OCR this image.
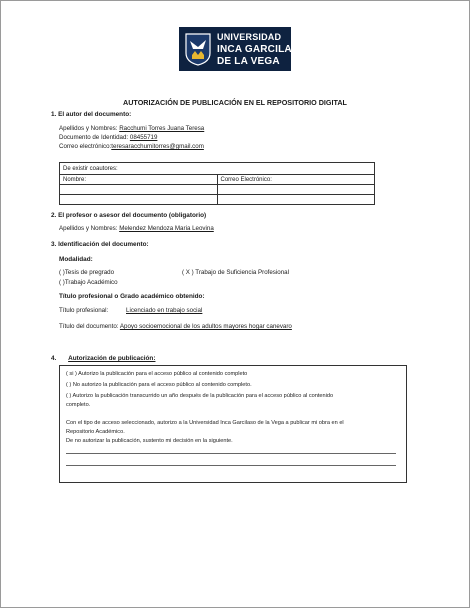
UNIVERSIDAD
INCA GARCILASO
DE LA VEGA
AUTORIZACIÓN DE PUBLICACIÓN EN EL REPOSITORIO DIGITAL
1. El autor del documento:
Apellidos y Nombres: Racchumi Torres Juana Teresa
Documento de Identidad: 08455719
Correo electrónico:teresaracchumitorres@gmail.com
De existir coautores:	
Nombre:	Correo Electrónico:

2. El profesor o asesor del documento (obligatorio)
Apellidos y Nombres: Melendez Mendoza Maria Leovina
3. Identificación del documento:
Modalidad:
( )Tesis de pregrado	( X ) Trabajo de Suficiencia Profesional
( )Trabajo Académico
Título profesional o Grado académico obtenido:
Título profesional:	Licenciado en trabajo social
Título del documento: Apoyo socioemocional de los adultos mayores hogar canevaro
4. Autorización de publicación:
( si ) Autorizo la publicación para el acceso público al contenido completo
( ) No autorizo la publicación para el acceso público al contenido completo.
( ) Autorizo la publicación transcurrido un año después de la publicación para el acceso público al contenido
completo.
Con el tipo de acceso seleccionado, autorizo a la Universidad Inca Garcilaso de la Vega a publicar mi obra en el
Repositorio Académico.
De no autorizar la publicación, sustento mi decisión en la siguiente.
